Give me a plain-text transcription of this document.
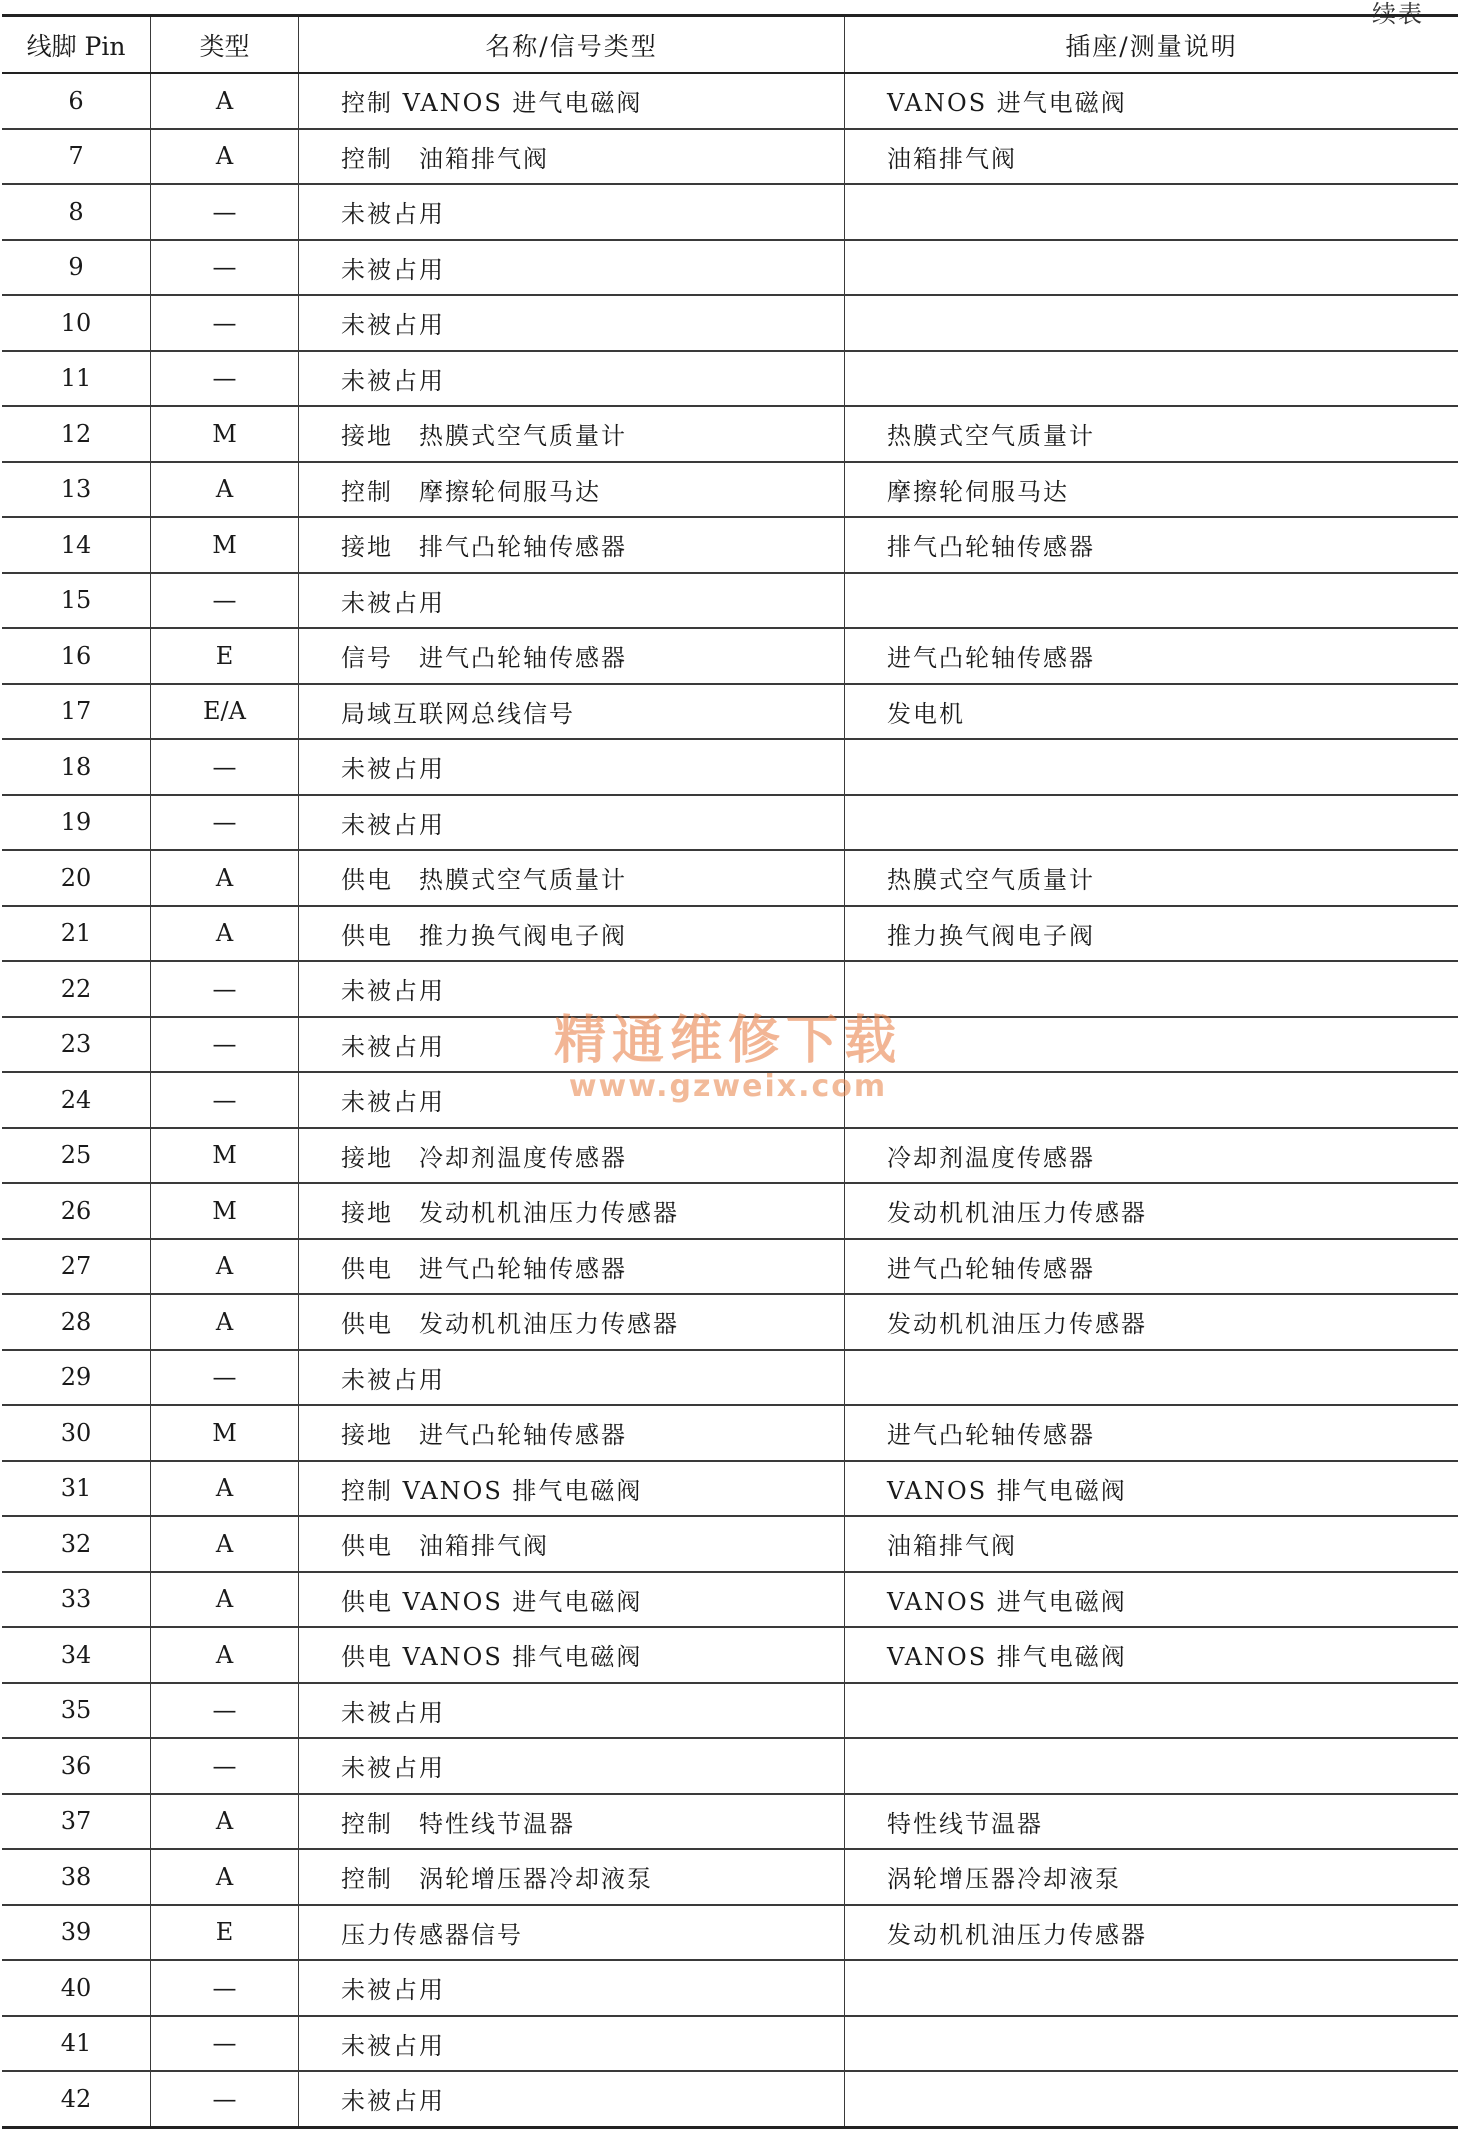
续表
线脚 Pin	类型	名称/信号类型	插座/测量说明
6	A	控制 VANOS 进气电磁阀	VANOS 进气电磁阀
7	A	控制　油箱排气阀	油箱排气阀
8	—	未被占用	
9	—	未被占用	
10	—	未被占用	
11	—	未被占用	
12	M	接地　热膜式空气质量计	热膜式空气质量计
13	A	控制　摩擦轮伺服马达	摩擦轮伺服马达
14	M	接地　排气凸轮轴传感器	排气凸轮轴传感器
15	—	未被占用	
16	E	信号　进气凸轮轴传感器	进气凸轮轴传感器
17	E/A	局域互联网总线信号	发电机
18	—	未被占用	
19	—	未被占用	
20	A	供电　热膜式空气质量计	热膜式空气质量计
21	A	供电　推力换气阀电子阀	推力换气阀电子阀
22	—	未被占用	
23	—	未被占用	
24	—	未被占用	
25	M	接地　冷却剂温度传感器	冷却剂温度传感器
26	M	接地　发动机机油压力传感器	发动机机油压力传感器
27	A	供电　进气凸轮轴传感器	进气凸轮轴传感器
28	A	供电　发动机机油压力传感器	发动机机油压力传感器
29	—	未被占用	
30	M	接地　进气凸轮轴传感器	进气凸轮轴传感器
31	A	控制 VANOS 排气电磁阀	VANOS 排气电磁阀
32	A	供电　油箱排气阀	油箱排气阀
33	A	供电 VANOS 进气电磁阀	VANOS 进气电磁阀
34	A	供电 VANOS 排气电磁阀	VANOS 排气电磁阀
35	—	未被占用	
36	—	未被占用	
37	A	控制　特性线节温器	特性线节温器
38	A	控制　涡轮增压器冷却液泵	涡轮增压器冷却液泵
39	E	压力传感器信号	发动机机油压力传感器
40	—	未被占用	
41	—	未被占用	
42	—	未被占用	
精通维修下载
www.gzweix.com
